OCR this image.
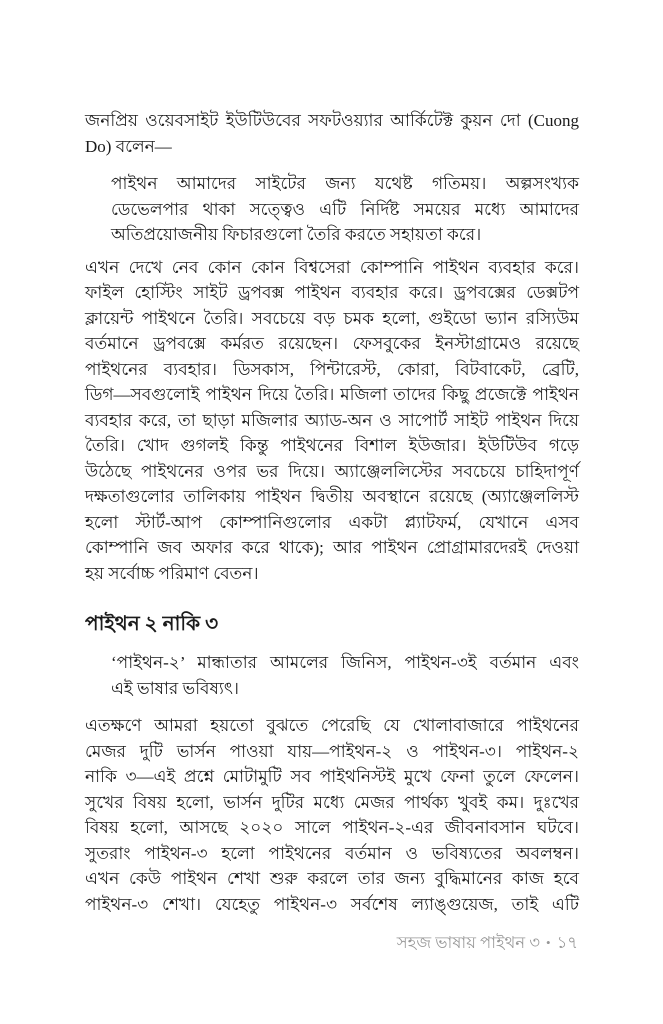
জনপ্রিয় ওয়েবসাইট ইউটিউবের সফটওয়্যার আর্কিটেক্ট কুয়ন দো (Cuong
Do) বলেন—
পাইথন আমাদের সাইটের জন্য যথেষ্ট গতিময়। অল্পসংখ্যক
ডেভেলপার থাকা সত্ত্বেও এটি নির্দিষ্ট সময়ের মধ্যে আমাদের
অতিপ্রয়োজনীয় ফিচারগুলো তৈরি করতে সহায়তা করে।
এখন দেখে নেব কোন কোন বিশ্বসেরা কোম্পানি পাইথন ব্যবহার করে।
ফাইল হোস্টিং সাইট ড্রপবক্স পাইথন ব্যবহার করে। ড্রপবক্সের ডেক্সটপ
ক্লায়েন্ট পাইথনে তৈরি। সবচেয়ে বড় চমক হলো, গুইডো ভ্যান রস্যিউম
বর্তমানে ড্রপবক্সে কর্মরত রয়েছেন। ফেসবুকের ইনস্টাগ্রামেও রয়েছে
পাইথনের ব্যবহার। ডিসকাস, পিন্টারেস্ট, কোরা, বিটবাকেট, ব্রেটি,
ডিগ—সবগুলোই পাইথন দিয়ে তৈরি। মজিলা তাদের কিছু প্রজেক্টে পাইথন
ব্যবহার করে, তা ছাড়া মজিলার অ্যাড-অন ও সাপোর্ট সাইট পাইথন দিয়ে
তৈরি। খোদ গুগলই কিন্তু পাইথনের বিশাল ইউজার। ইউটিউব গড়ে
উঠেছে পাইথনের ওপর ভর দিয়ে। অ্যাঞ্জেললিস্টের সবচেয়ে চাহিদাপূর্ণ
দক্ষতাগুলোর তালিকায় পাইথন দ্বিতীয় অবস্থানে রয়েছে (অ্যাঞ্জেললিস্ট
হলো স্টার্ট-আপ কোম্পানিগুলোর একটা প্ল্যাটফর্ম, যেখানে এসব
কোম্পানি জব অফার করে থাকে); আর পাইথন প্রোগ্রামারদেরই দেওয়া
হয় সর্বোচ্চ পরিমাণ বেতন।
পাইথন ২ নাকি ৩
‘পাইথন-২’ মান্ধাতার আমলের জিনিস, পাইথন-৩ই বর্তমান এবং
এই ভাষার ভবিষ্যৎ।
এতক্ষণে আমরা হয়তো বুঝতে পেরেছি যে খোলাবাজারে পাইথনের
মেজর দুটি ভার্সন পাওয়া যায়—পাইথন-২ ও পাইথন-৩। পাইথন-২
নাকি ৩—এই প্রশ্নে মোটামুটি সব পাইথনিস্টই মুখে ফেনা তুলে ফেলেন।
সুখের বিষয় হলো, ভার্সন দুটির মধ্যে মেজর পার্থক্য খুবই কম। দুঃখের
বিষয় হলো, আসছে ২০২০ সালে পাইথন-২-এর জীবনাবসান ঘটবে।
সুতরাং পাইথন-৩ হলো পাইথনের বর্তমান ও ভবিষ্যতের অবলম্বন।
এখন কেউ পাইথন শেখা শুরু করলে তার জন্য বুদ্ধিমানের কাজ হবে
পাইথন-৩ শেখা। যেহেতু পাইথন-৩ সর্বশেষ ল্যাঙ্গুয়েজ, তাই এটি
সহজ ভাষায় পাইথন ৩ • ১৭
